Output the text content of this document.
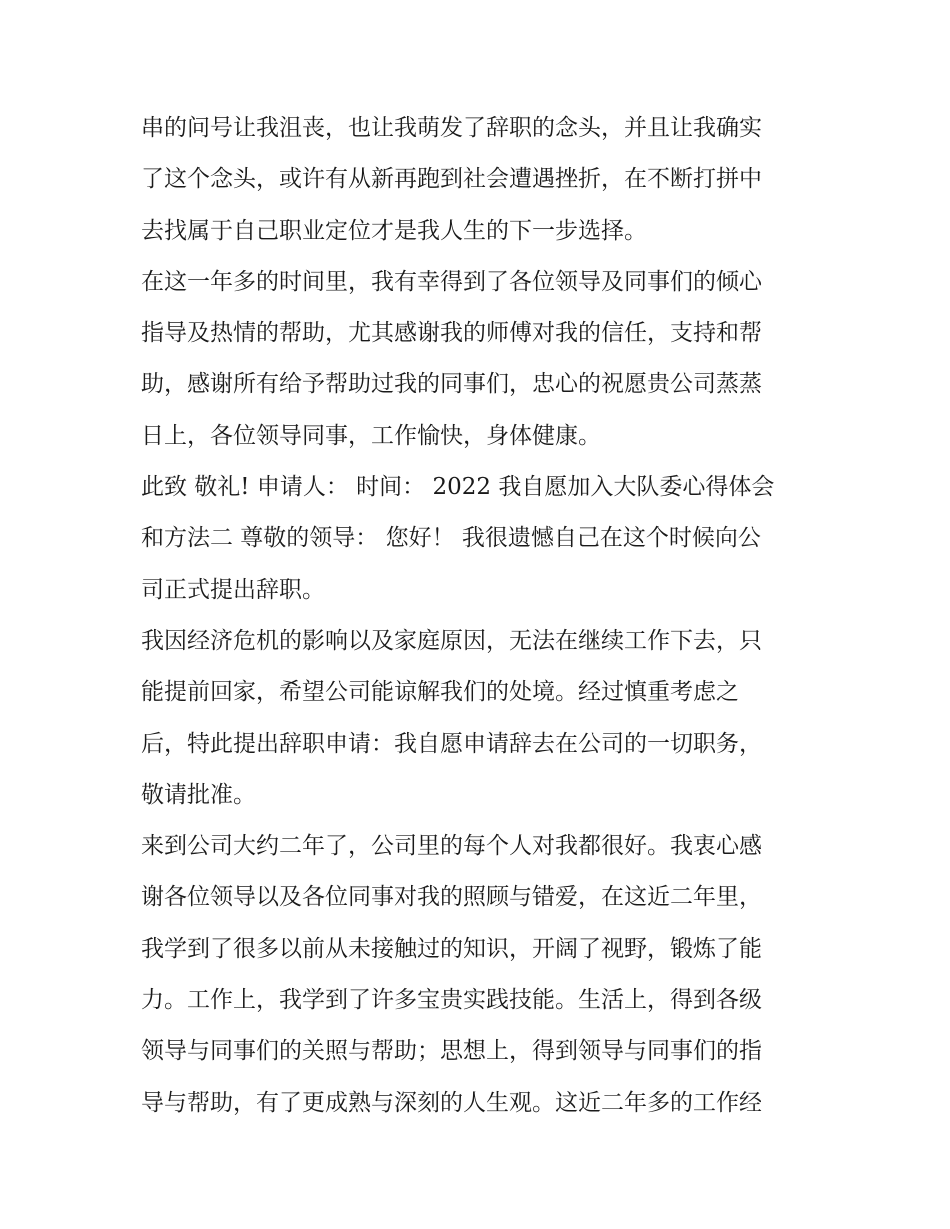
串的问号让我沮丧，也让我萌发了辞职的念头，并且让我确实
了这个念头，或许有从新再跑到社会遭遇挫折，在不断打拼中
去找属于自己职业定位才是我人生的下一步选择。
在这一年多的时间里，我有幸得到了各位领导及同事们的倾心
指导及热情的帮助，尤其感谢我的师傅对我的信任，支持和帮
助，感谢所有给予帮助过我的同事们，忠心的祝愿贵公司蒸蒸
日上，各位领导同事，工作愉快，身体健康。
此致 敬礼! 申请人： 时间： 2022 我自愿加入大队委心得体会
和方法二 尊敬的领导： 您好！ 我很遗憾自己在这个时候向公
司正式提出辞职。
我因经济危机的影响以及家庭原因，无法在继续工作下去，只
能提前回家，希望公司能谅解我们的处境。经过慎重考虑之
后，特此提出辞职申请：我自愿申请辞去在公司的一切职务，
敬请批准。
来到公司大约二年了，公司里的每个人对我都很好。我衷心感
谢各位领导以及各位同事对我的照顾与错爱，在这近二年里，
我学到了很多以前从未接触过的知识，开阔了视野，锻炼了能
力。工作上，我学到了许多宝贵实践技能。生活上，得到各级
领导与同事们的关照与帮助；思想上，得到领导与同事们的指
导与帮助，有了更成熟与深刻的人生观。这近二年多的工作经
